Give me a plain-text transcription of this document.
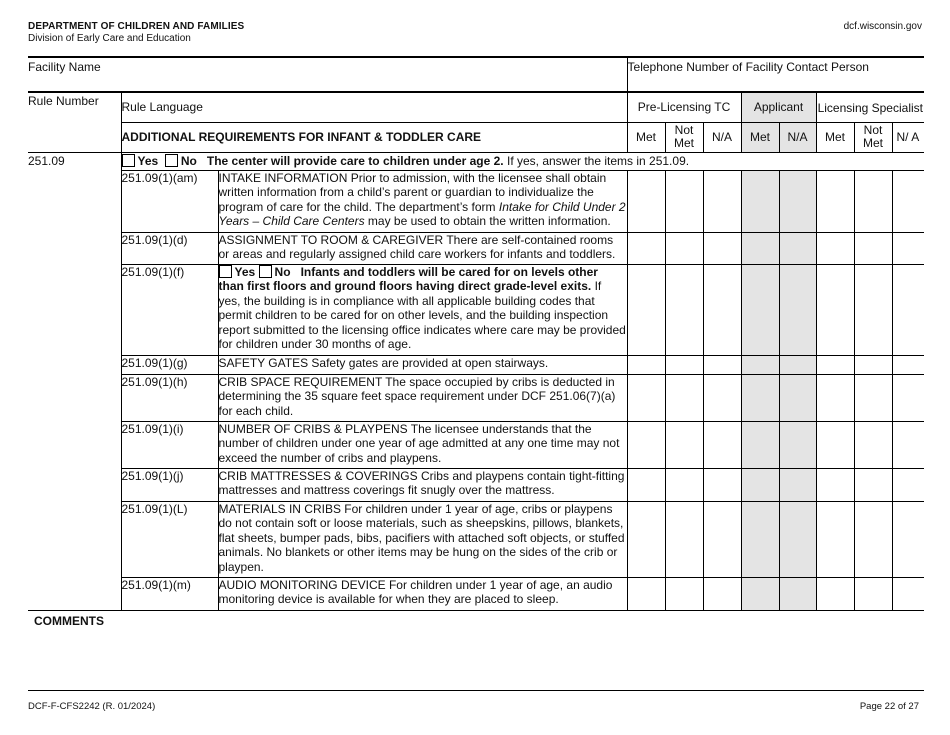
DEPARTMENT OF CHILDREN AND FAMILIES
Division of Early Care and Education
dcf.wisconsin.gov
Facility Name			Telephone Number of Facility Contact Person							
Rule Number	Rule Language		Pre-Licensing TC			Applicant		Licensing Specialist		
	ADDITIONAL REQUIREMENTS FOR INFANT & TODDLER CARE		Met	Not Met	N/A	Met	N/A	Met	Not Met	N/ A
251.09	Yes No The center will provide care to children under age 2. If yes, answer the items in 251.09.									
	251.09(1)(am)	INTAKE INFORMATION Prior to admission, with the licensee shall obtain written information from a child’s parent or guardian to individualize the program of care for the child. The department’s form Intake for Child Under 2 Years – Child Care Centers may be used to obtain the written information.								
	251.09(1)(d)	ASSIGNMENT TO ROOM & CAREGIVER There are self-contained rooms or areas and regularly assigned child care workers for infants and toddlers.								
	251.09(1)(f)	Yes No Infants and toddlers will be cared for on levels other than first floors and ground floors having direct grade-level exits. If yes, the building is in compliance with all applicable building codes that permit children to be cared for on other levels, and the building inspection report submitted to the licensing office indicates where care may be provided for children under 30 months of age.								
	251.09(1)(g)	SAFETY GATES Safety gates are provided at open stairways.								
	251.09(1)(h)	CRIB SPACE REQUIREMENT The space occupied by cribs is deducted in determining the 35 square feet space requirement under DCF 251.06(7)(a) for each child.								
	251.09(1)(i)	NUMBER OF CRIBS & PLAYPENS The licensee understands that the number of children under one year of age admitted at any one time may not exceed the number of cribs and playpens.								
	251.09(1)(j)	CRIB MATTRESSES & COVERINGS Cribs and playpens contain tight-fitting mattresses and mattress coverings fit snugly over the mattress.								
	251.09(1)(L)	MATERIALS IN CRIBS For children under 1 year of age, cribs or playpens do not contain soft or loose materials, such as sheepskins, pillows, blankets, flat sheets, bumper pads, bibs, pacifiers with attached soft objects, or stuffed animals. No blankets or other items may be hung on the sides of the crib or playpen.								
	251.09(1)(m)	AUDIO MONITORING DEVICE For children under 1 year of age, an audio monitoring device is available for when they are placed to sleep.								
COMMENTS
DCF-F-CFS2242 (R. 01/2024)	Page 22 of 27
